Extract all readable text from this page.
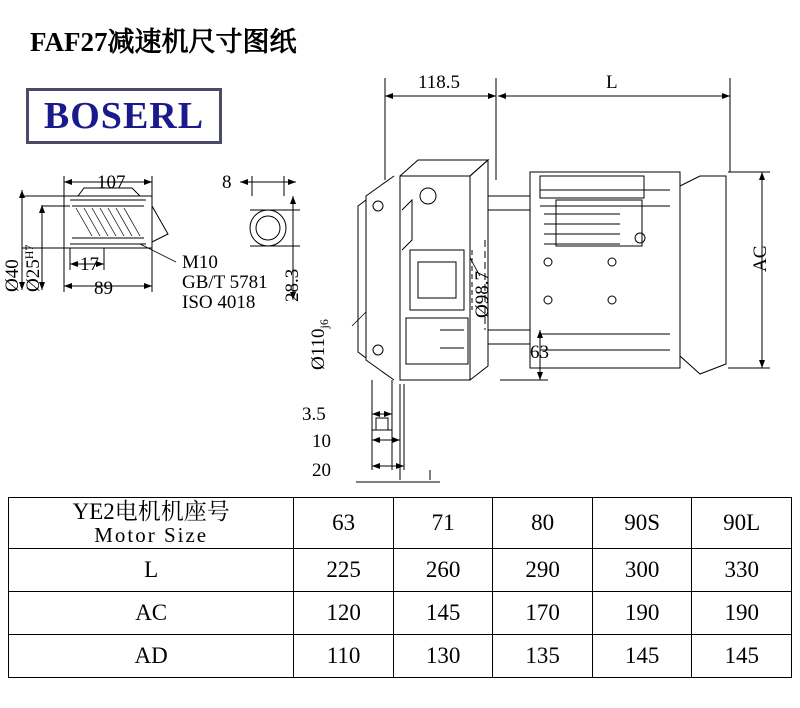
FAF27减速机尺寸图纸
BOSERL
118.5	L
107	8
17
89
M10
GB/T 5781
ISO 4018
3.5
10
20
63
Ø40 $Ø25^{H7}$
28.3
$Ø110_{j6}$
Ø98.7
AC
YE2电机机座号
Motor Size	63	71	80	90S	90L
L	225	260	290	300	330
AC	120	145	170	190	190
AD	110	130	135	145	145
